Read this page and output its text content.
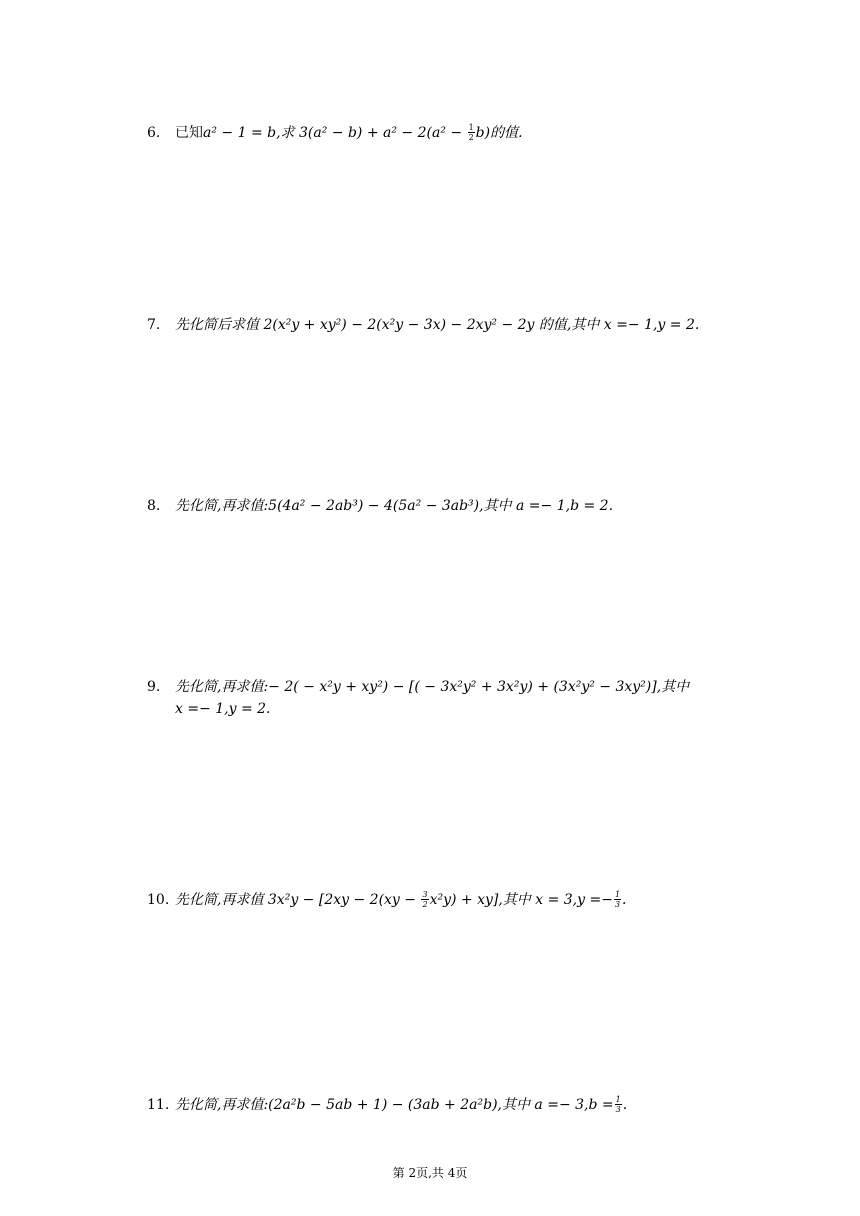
6. 已知a² − 1 = b,求 $3(a^2 - b) + a^2 - 2(a^2 - \frac{1}{2} b)$的值.
7. 先化简后求值 2(x²y + xy²) − 2(x²y − 3x) − 2xy² − 2y 的值,其中 x =− 1,y = 2.
8. 先化简,再求值:5(4a² − 2ab³) − 4(5a² − 3ab³),其中 a =− 1,b = 2.
9. 先化简,再求值:− 2( − x²y + xy²) − [( − 3x²y² + 3x²y) + (3x²y² − 3xy²)],其中
x =− 1,y = 2.
10. 先化简,再求值 $3x^2y - [2xy - 2(xy - \frac{3}{2} x^2y) + xy]$,其中 $x = 3,y =- \frac{1}{3}$ .
11. 先化简,再求值:(2a²b − 5ab + 1) − (3ab + 2a²b),其中 $a =- 3,b = \frac{1}{3}$ .
第 2页,共 4页
